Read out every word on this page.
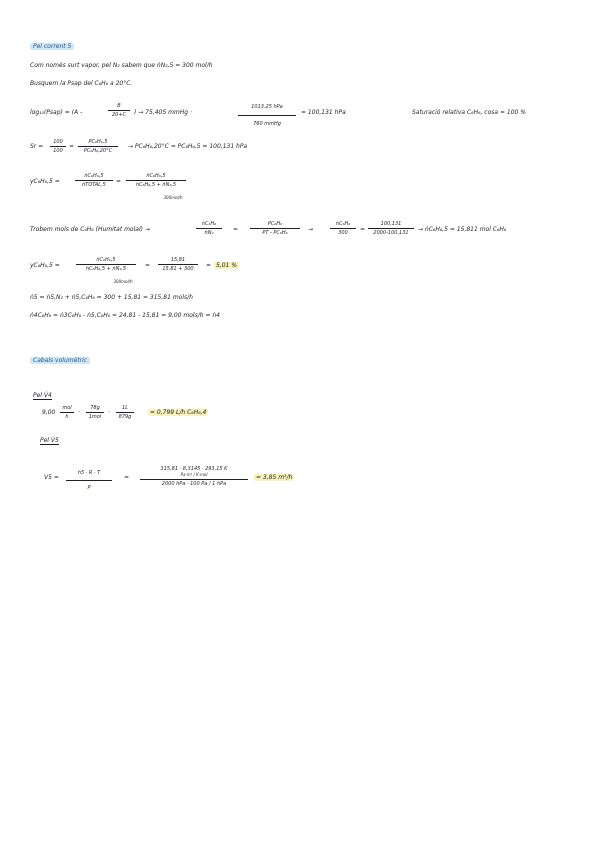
Pel corrent 5
Com només surt vapor, pel N₂ sabem que ṅN₂,5 = 300 mol/h
Busquem la Psap del C₆H₆ a 20°C.
log₁₀(Psap) = (A -
B
20+C	) → 75,405 mmHg ·
1013.25 hPa
760 mmHg
= 100,131 hPa	Saturació relativa C₆H₆, cosa = 100 %
Sr =
100
100
=
PC₆H₆,5
PC₆H₆,20°C
→ PC₆H₆,20°C = PC₆H₆,5 = 100,131 hPa
yC₆H₆,5 =
ṅC₆H₆,5
ṅTOTAL,5	=
ṅC₆H₆,5
ṅC₆H₆,5 + ṅN₂,5
300mol/h
Trobem mols de C₆H₆ (Humitat molal) →
ṅC₆H₆
ṅN₂	=
PC₆H₆
PT - PC₆H₆	→
ṅC₆H₆
300	=
100,131
2000-100,131	→ ṅC₆H₆,5 = 15,811 mol C₆H₆
yC₆H₆,5 =
ṅC₆H₆,5
ṅC₆H₆,5 + ṅN₂,5
300mol/h
=
15,81
15,81 + 300	= 5,01 %
ṅ5 = ṅ5,N₂ + ṅ5,C₆H₆ = 300 + 15,81 = 315,81 mols/h
ṅ4C₆H₆ = ṅ3C₆H₆ - ṅ5,C₆H₆ = 24,81 - 15,81 = 9,00 mols/h = ṅ4
Cabals volumètric
Pel V̇4
9,00
mol
h
·
78g
1mol
·
1L
879g
= 0,799 L/h C₆H₆,4
Pel V̇5
V5 =
ṅ5 · R · T
P
=
315,81 · 8,3145 · 293,15 K
Pa·m³ / K·mol
2000 hPa · 100 Pa / 1 hPa
= 3,85 m³/h
